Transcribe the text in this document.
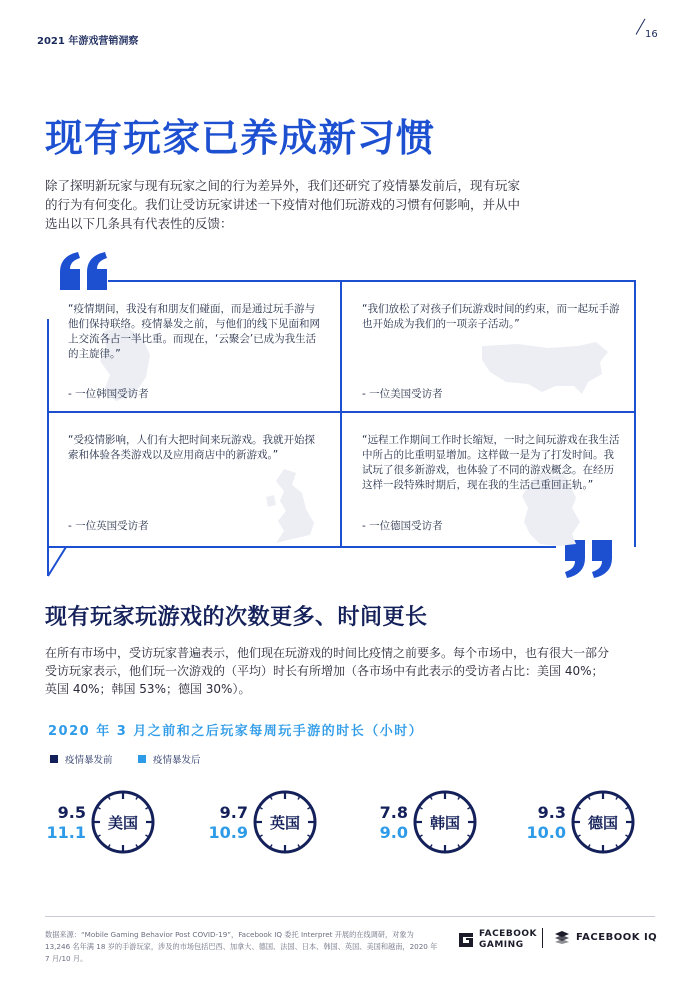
2021 年游戏营销洞察
16
现有玩家已养成新习惯
除了探明新玩家与现有玩家之间的行为差异外，我们还研究了疫情暴发前后，现有玩家的行为有何变化。我们让受访玩家讲述一下疫情对他们玩游戏的习惯有何影响，并从中选出以下几条具有代表性的反馈：
“疫情期间，我没有和朋友们碰面，而是通过玩手游与他们保持联络。疫情暴发之前，与他们的线下见面和网上交流各占一半比重。而现在，‘云聚会’已成为我生活的主旋律。”
- 一位韩国受访者
“我们放松了对孩子们玩游戏时间的约束，而一起玩手游也开始成为我们的一项亲子活动。”
- 一位美国受访者
“受疫情影响，人们有大把时间来玩游戏。我就开始探索和体验各类游戏以及应用商店中的新游戏。”
- 一位英国受访者
“远程工作期间工作时长缩短，一时之间玩游戏在我生活中所占的比重明显增加。这样做一是为了打发时间。我试玩了很多新游戏，也体验了不同的游戏概念。在经历这样一段特殊时期后，现在我的生活已重回正轨。”
- 一位德国受访者
现有玩家玩游戏的次数更多、时间更长
在所有市场中，受访玩家普遍表示，他们现在玩游戏的时间比疫情之前要多。每个市场中，也有很大一部分受访玩家表示，他们玩一次游戏的（平均）时长有所增加（各市场中有此表示的受访者占比：美国 40%；英国 40%；韩国 53%；德国 30%）。
2020 年 3 月之前和之后玩家每周玩手游的时长（小时）
疫情暴发前	疫情暴发后
9.5
11.1	美国
9.7
10.9	英国
7.8
9.0	韩国
9.3
10.0	德国
数据来源：“Mobile Gaming Behavior Post COVID-19”，Facebook IQ 委托 Interpret 开展的在线调研，对象为 13,246 名年满 18 岁的手游玩家，涉及的市场包括巴西、加拿大、德国、法国、日本、韩国、英国、美国和越南，2020 年 7 月/10 月。
FACEBOOK
GAMING
FACEBOOK IQ
